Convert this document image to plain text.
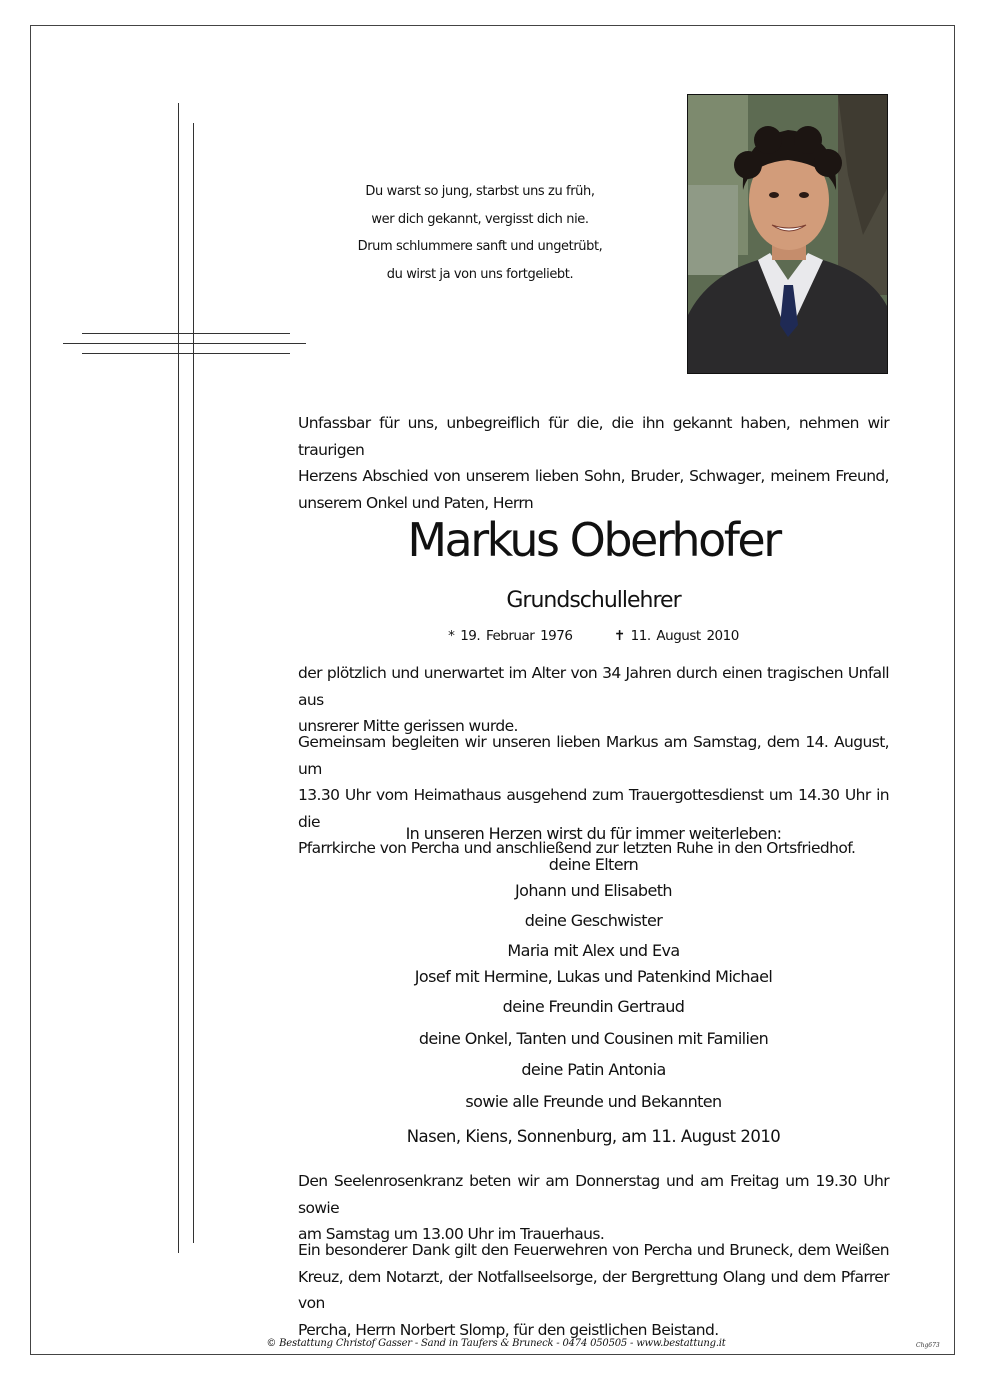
Du warst so jung, starbst uns zu früh,
wer dich gekannt, vergisst dich nie.
Drum schlummere sanft und ungetrübt,
du wirst ja von uns fortgeliebt.
Unfassbar für uns, unbegreiflich für die, die ihn gekannt haben, nehmen wir traurigen
Herzens Abschied von unserem lieben Sohn, Bruder, Schwager, meinem Freund,
unserem Onkel und Paten, Herrn
Markus Oberhofer
Grundschullehrer
* 19. Februar 1976	✝ 11. August 2010
der plötzlich und unerwartet im Alter von 34 Jahren durch einen tragischen Unfall aus
unsrerer Mitte gerissen wurde.
Gemeinsam begleiten wir unseren lieben Markus am Samstag, dem 14. August, um
13.30 Uhr vom Heimathaus ausgehend zum Trauergottesdienst um 14.30 Uhr in die
Pfarrkirche von Percha und anschließend zur letzten Ruhe in den Ortsfriedhof.
In unseren Herzen wirst du für immer weiterleben:
deine Eltern
Johann und Elisabeth
deine Geschwister
Maria mit Alex und Eva
Josef mit Hermine, Lukas und Patenkind Michael
deine Freundin Gertraud
deine Onkel, Tanten und Cousinen mit Familien
deine Patin Antonia
sowie alle Freunde und Bekannten
Nasen, Kiens, Sonnenburg, am 11. August 2010
Den Seelenrosenkranz beten wir am Donnerstag und am Freitag um 19.30 Uhr sowie
am Samstag um 13.00 Uhr im Trauerhaus.
Ein besonderer Dank gilt den Feuerwehren von Percha und Bruneck, dem Weißen
Kreuz, dem Notarzt, der Notfallseelsorge, der Bergrettung Olang und dem Pfarrer von
Percha, Herrn Norbert Slomp, für den geistlichen Beistand.
© Bestattung Christof Gasser - Sand in Taufers & Bruneck - 0474 050505 - www.bestattung.it	Chg673
